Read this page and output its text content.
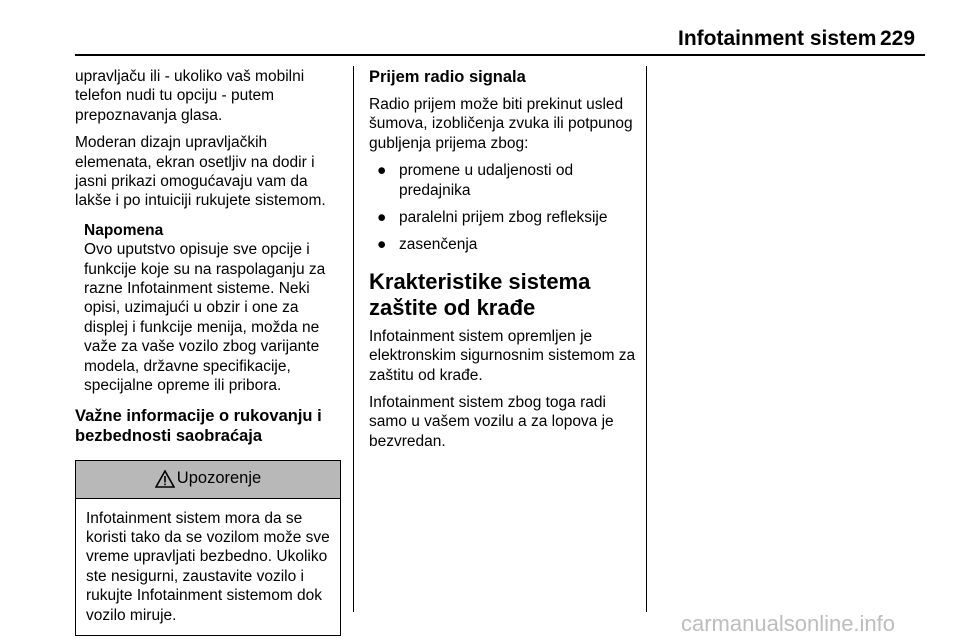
Infotainment sistem 229

upravljaču ili - ukoliko vaš mobilni telefon nudi tu opciju - putem prepoznavanja glasa.

Moderan dizajn upravljačkih elemenata, ekran osetljiv na dodir i jasni prikazi omogućavaju vam da lakše i po intuiciji rukujete sistemom.

Napomena

Ovo uputstvo opisuje sve opcije i funkcije koje su na raspolaganju za razne Infotainment sisteme. Neki opisi, uzimajući u obzir i one za displej i funkcije menija, možda ne važe za vaše vozilo zbog varijante modela, državne specifikacije, specijalne opreme ili pribora.

Važne informacije o rukovanju i bezbednosti saobraćaja

Upozorenje
Infotainment sistem mora da se koristi tako da se vozilom može sve vreme upravljati bezbedno. Ukoliko ste nesigurni, zaustavite vozilo i rukujte Infotainment sistemom dok vozilo miruje.

Prijem radio signala

Radio prijem može biti prekinut usled šumova, izobličenja zvuka ili potpunog gubljenja prijema zbog:

● promene u udaljenosti od predajnika
● paralelni prijem zbog refleksije
● zasenčenja

Krakteristike sistema zaštite od krađe

Infotainment sistem opremljen je elektronskim sigurnosnim sistemom za zaštitu od krađe.

Infotainment sistem zbog toga radi samo u vašem vozilu a za lopova je bezvredan.

carmanualsonline.info
